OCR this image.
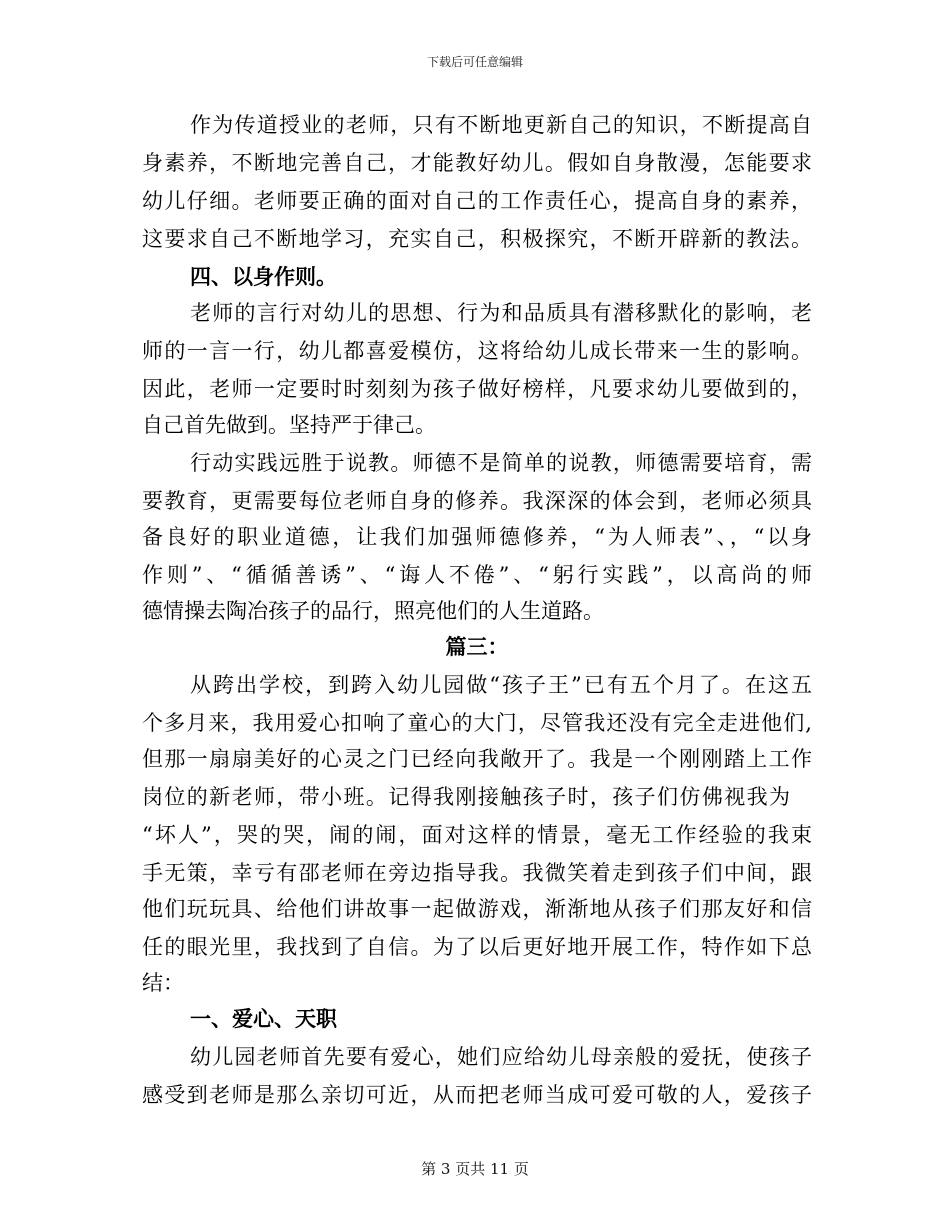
下载后可任意编辑
作为传道授业的老师，只有不断地更新自己的知识，不断提高自
身素养，不断地完善自己，才能教好幼儿。假如自身散漫，怎能要求
幼儿仔细。老师要正确的面对自己的工作责任心，提高自身的素养，
这要求自己不断地学习，充实自己，积极探究，不断开辟新的教法。
四、以身作则。
老师的言行对幼儿的思想、行为和品质具有潜移默化的影响，老
师的一言一行，幼儿都喜爱模仿，这将给幼儿成长带来一生的影响。
因此，老师一定要时时刻刻为孩子做好榜样，凡要求幼儿要做到的，
自己首先做到。坚持严于律己。
行动实践远胜于说教。师德不是简单的说教，师德需要培育，需
要教育，更需要每位老师自身的修养。我深深的体会到，老师必须具
备良好的职业道德，让我们加强师德修养，“为人师表”、，“以身
作则”、“循循善诱”、“诲人不倦”、“躬行实践”，以高尚的师
德情操去陶冶孩子的品行，照亮他们的人生道路。
篇三：
从跨出学校，到跨入幼儿园做“孩子王”已有五个月了。在这五
个多月来，我用爱心扣响了童心的大门，尽管我还没有完全走进他们,
但那一扇扇美好的心灵之门已经向我敞开了。我是一个刚刚踏上工作
岗位的新老师，带小班。记得我刚接触孩子时，孩子们仿佛视我为
“坏人”，哭的哭，闹的闹，面对这样的情景，毫无工作经验的我束
手无策，幸亏有邵老师在旁边指导我。我微笑着走到孩子们中间，跟
他们玩玩具、给他们讲故事一起做游戏，渐渐地从孩子们那友好和信
任的眼光里，我找到了自信。为了以后更好地开展工作，特作如下总
结：
一、爱心、天职
幼儿园老师首先要有爱心，她们应给幼儿母亲般的爱抚，使孩子
感受到老师是那么亲切可近，从而把老师当成可爱可敬的人，爱孩子
第 3 页共 11 页
